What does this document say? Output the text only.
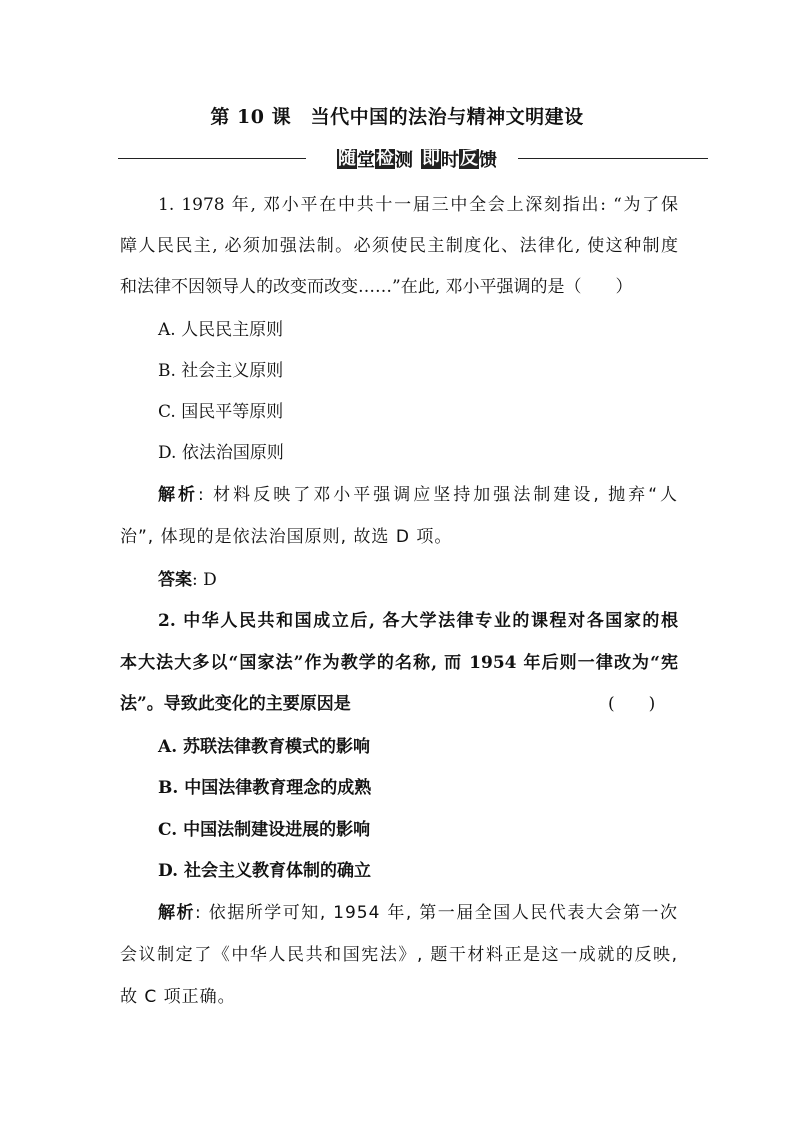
第 10 课　当代中国的法治与精神文明建设
随 堂 检 测 即 时 反 馈
1. 1978 年, 邓小平在中共十一届三中全会上深刻指出: “为了保
障人民民主, 必须加强法制。必须使民主制度化、法律化, 使这种制度
和法律不因领导人的改变而改变……”在此, 邓小平强调的是（　　）
A. 人民民主原则
B. 社会主义原则
C. 国民平等原则
D. 依法治国原则
解析: 材料反映了邓小平强调应坚持加强法制建设, 抛弃“人
治”, 体现的是依法治国原则, 故选 D 项。
答案: D
2. 中华人民共和国成立后, 各大学法律专业的课程对各国家的根
本大法大多以“国家法”作为教学的名称, 而 1954 年后则一律改为“宪
法”。导致此变化的主要原因是	(　　)
A. 苏联法律教育模式的影响
B. 中国法律教育理念的成熟
C. 中国法制建设进展的影响
D. 社会主义教育体制的确立
解析: 依据所学可知, 1954 年, 第一届全国人民代表大会第一次
会议制定了《中华人民共和国宪法》, 题干材料正是这一成就的反映,
故 C 项正确。
